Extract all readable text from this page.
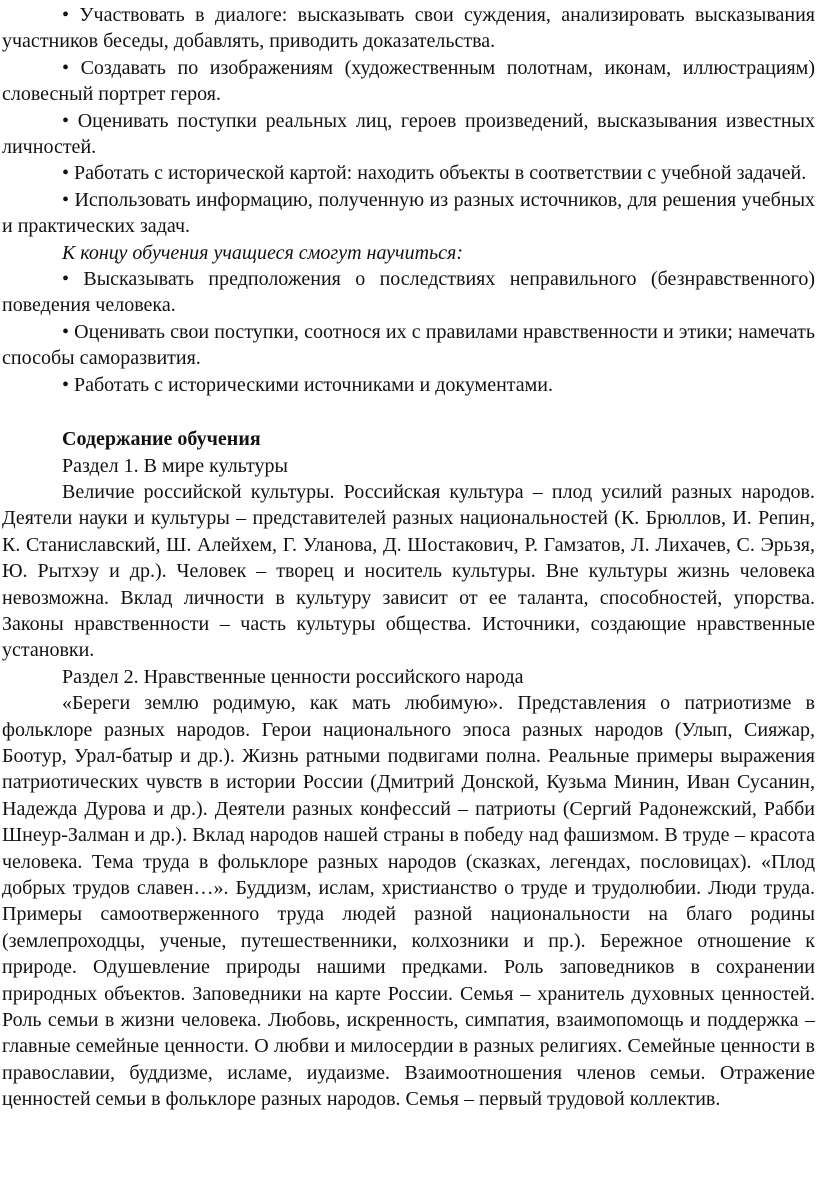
• Участвовать в диалоге: высказывать свои суждения, анализировать высказывания участников беседы, добавлять, приводить доказательства.

• Создавать по изображениям (художественным полотнам, иконам, иллюстрациям) словесный портрет героя.

• Оценивать поступки реальных лиц, героев произведений, высказывания известных личностей.

• Работать с исторической картой: находить объекты в соответствии с учебной задачей.

• Использовать информацию, полученную из разных источников, для решения учебных и практических задач.

К концу обучения учащиеся смогут научиться:

• Высказывать предположения о последствиях неправильного (безнравственного) поведения человека.

• Оценивать свои поступки, соотнося их с правилами нравственности и этики; намечать способы саморазвития.

• Работать с историческими источниками и документами.

Содержание обучения

Раздел 1. В мире культуры

Величие российской культуры. Российская культура – плод усилий разных народов. Деятели науки и культуры – представителей разных национальностей (К. Брюллов, И. Репин, К. Станиславский, Ш. Алейхем, Г. Уланова, Д. Шостакович, Р. Гамзатов, Л. Лихачев, С. Эрьзя, Ю. Рытхэу и др.). Человек – творец и носитель культуры. Вне культуры жизнь человека невозможна. Вклад личности в культуру зависит от ее таланта, способностей, упорства. Законы нравственности – часть культуры общества. Источники, создающие нравственные установки.

Раздел 2. Нравственные ценности российского народа

«Береги землю родимую, как мать любимую». Представления о патриотизме в фольклоре разных народов. Герои национального эпоса разных народов (Улып, Сияжар, Боотур, Урал-батыр и др.). Жизнь ратными подвигами полна. Реальные примеры выражения патриотических чувств в истории России (Дмитрий Донской, Кузьма Минин, Иван Сусанин, Надежда Дурова и др.). Деятели разных конфессий – патриоты (Сергий Радонежский, Рабби Шнеур-Залман и др.). Вклад народов нашей страны в победу над фашизмом. В труде – красота человека. Тема труда в фольклоре разных народов (сказках, легендах, пословицах). «Плод добрых трудов славен…». Буддизм, ислам, христианство о труде и трудолюбии. Люди труда. Примеры самоотверженного труда людей разной национальности на благо родины (землепроходцы, ученые, путешественники, колхозники и пр.). Бережное отношение к природе. Одушевление природы нашими предками. Роль заповедников в сохранении природных объектов. Заповедники на карте России. Семья – хранитель духовных ценностей. Роль семьи в жизни человека. Любовь, искренность, симпатия, взаимопомощь и поддержка – главные семейные ценности. О любви и милосердии в разных религиях. Семейные ценности в православии, буддизме, исламе, иудаизме. Взаимоотношения членов семьи. Отражение ценностей семьи в фольклоре разных народов. Семья – первый трудовой коллектив.
